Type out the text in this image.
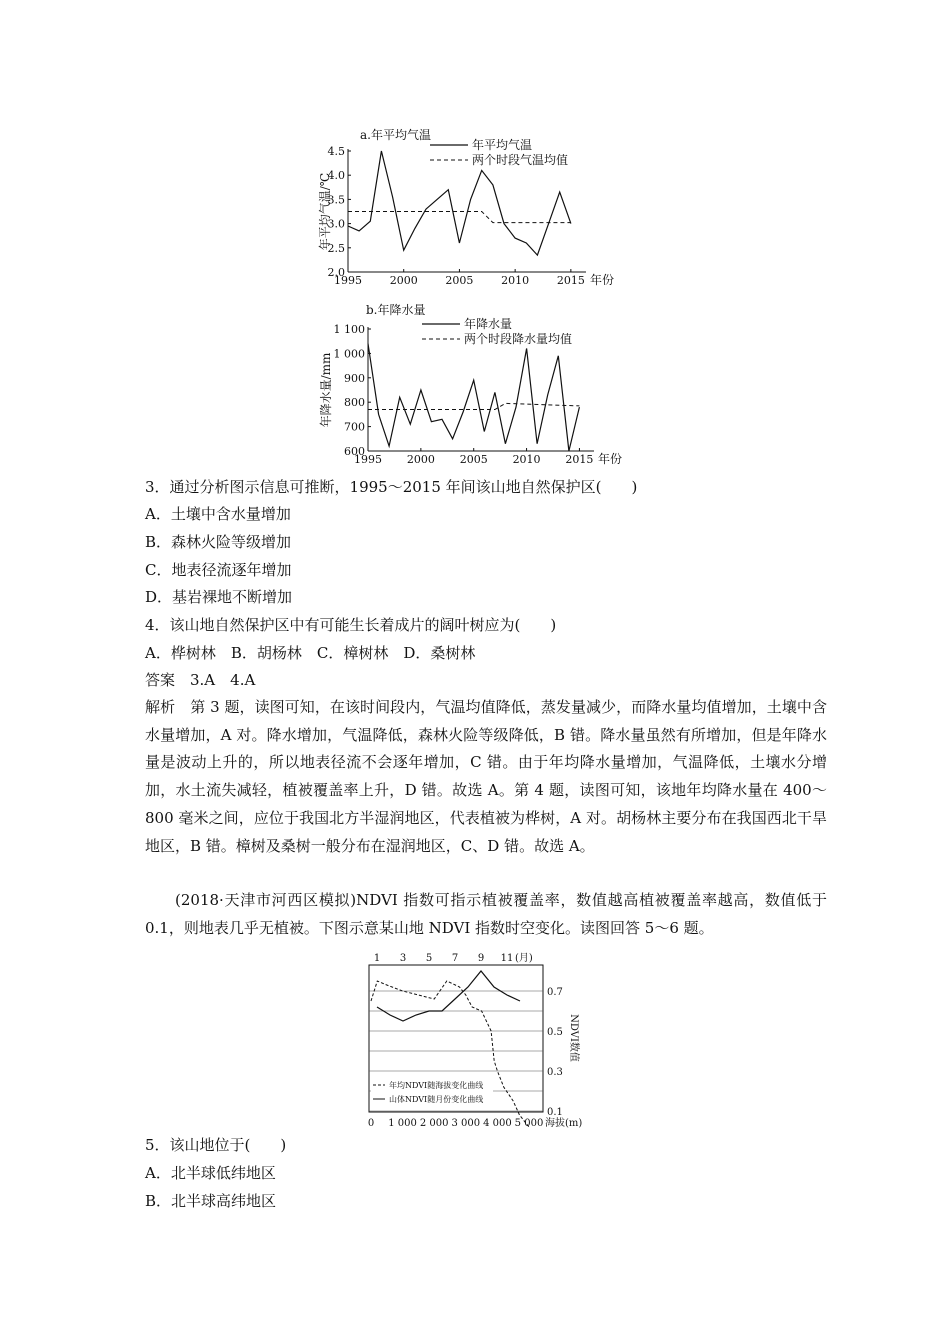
2.0
2.5
3.0
3.5
4.0
4.5
1995	2000	2005	2010	2015 年份
年平均气温/℃
a.年平均气温
年平均气温
两个时段气温均值
600
700
800
900
1 000
1 100
1995 2000 2005 2010 2015 年份
年降水量/mm
b.年降水量
年降水量
两个时段降水量均值
3．通过分析图示信息可推断，1995～2015 年间该山地自然保护区(　　)
A．土壤中含水量增加
B．森林火险等级增加
C．地表径流逐年增加
D．基岩裸地不断增加
4．该山地自然保护区中有可能生长着成片的阔叶树应为(　　)
A．桦树林　B．胡杨林　C．樟树林　D．桑树林
答案　3.A　4.A
解析　第 3 题，读图可知，在该时间段内，气温均值降低，蒸发量减少，而降水量均值增加，土壤中含水量增加，A 对。降水增加，气温降低，森林火险等级降低，B 错。降水量虽然有所增加，但是年降水量是波动上升的，所以地表径流不会逐年增加，C 错。由于年均降水量增加，气温降低，土壤水分增加，水土流失减轻，植被覆盖率上升，D 错。故选 A。第 4 题，读图可知，该地年均降水量在 400～800 毫米之间，应位于我国北方半湿润地区，代表植被为桦树，A 对。胡杨林主要分布在我国西北干旱地区，B 错。樟树及桑树一般分布在湿润地区，C、D 错。故选 A。
(2018·天津市河西区模拟)NDVI 指数可指示植被覆盖率，数值越高植被覆盖率越高，数值低于 0.1，则地表几乎无植被。下图示意某山地 NDVI 指数时空变化。读图回答 5～6 题。
0.7
0.5
0.3
0.1
NDVI数值
1 3 5 7 9 11 (月)
0 1 000 2 000 3 000 4 000 5 000 海拔(m)
年均NDVI随海拔变化曲线
山体NDVI随月份变化曲线
5．该山地位于(　　)
A．北半球低纬地区
B．北半球高纬地区
